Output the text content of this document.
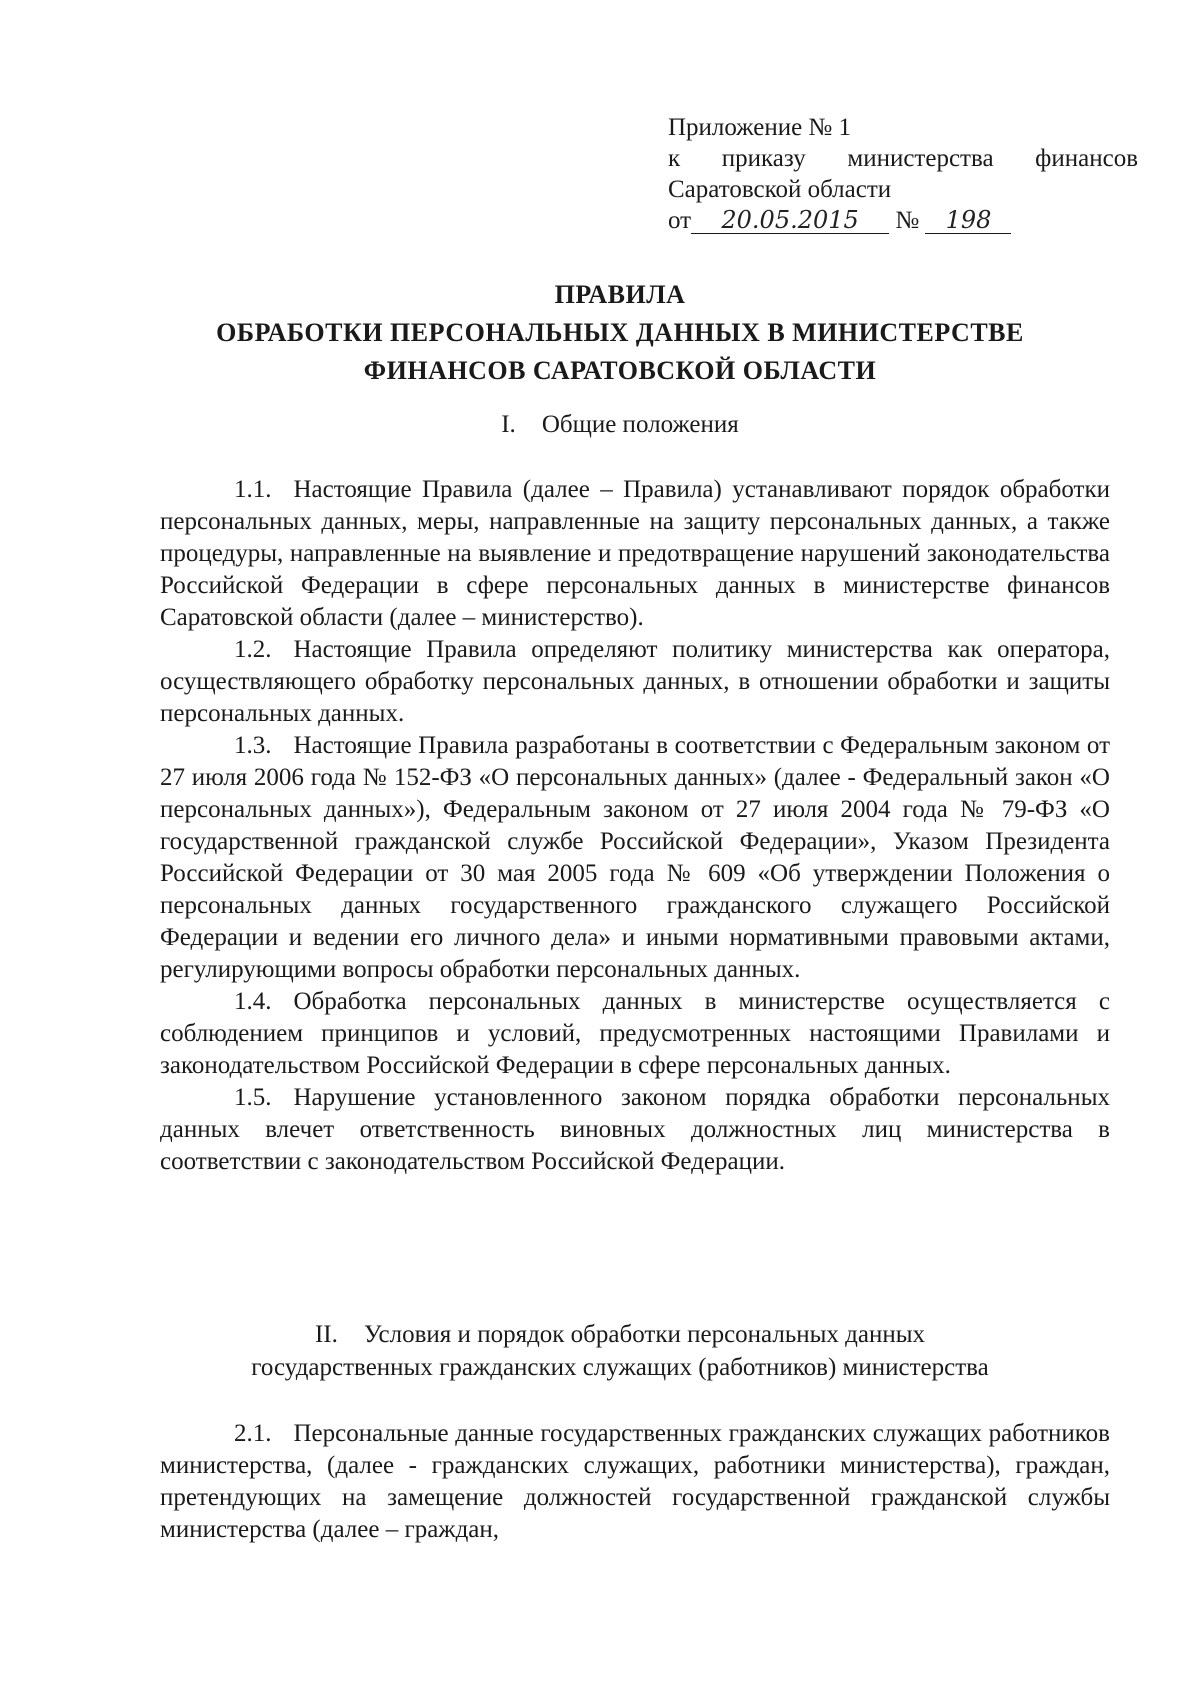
Приложение № 1
к приказу министерства финансов
Саратовской области
от 20.05.2015 № 198
ПРАВИЛА
ОБРАБОТКИ ПЕРСОНАЛЬНЫХ ДАННЫХ В МИНИСТЕРСТВЕ
ФИНАНСОВ САРАТОВСКОЙ ОБЛАСТИ
I. Общие положения

1.1. Настоящие Правила (далее – Правила) устанавливают порядок обработки персональных данных, меры, направленные на защиту персональных данных, а также процедуры, направленные на выявление и предотвращение нарушений законодательства Российской Федерации в сфере персональных данных в министерстве финансов Саратовской области (далее – министерство).

1.2. Настоящие Правила определяют политику министерства как оператора, осуществляющего обработку персональных данных, в отношении обработки и защиты персональных данных.

1.3. Настоящие Правила разработаны в соответствии с Федеральным законом от 27 июля 2006 года № 152-ФЗ «О персональных данных» (далее - Федеральный закон «О персональных данных»), Федеральным законом от 27 июля 2004 года № 79-ФЗ «О государственной гражданской службе Российской Федерации», Указом Президента Российской Федерации от 30 мая 2005 года № 609 «Об утверждении Положения о персональных данных государственного гражданского служащего Российской Федерации и ведении его личного дела» и иными нормативными правовыми актами, регулирующими вопросы обработки персональных данных.

1.4. Обработка персональных данных в министерстве осуществляется с соблюдением принципов и условий, предусмотренных настоящими Правилами и законодательством Российской Федерации в сфере персональных данных.

1.5. Нарушение установленного законом порядка обработки персональных данных влечет ответственность виновных должностных лиц министерства в соответствии с законодательством Российской Федерации.

II. Условия и порядок обработки персональных данных
государственных гражданских служащих (работников) министерства

2.1. Персональные данные государственных гражданских служащих работников министерства, (далее - гражданских служащих, работники министерства), граждан, претендующих на замещение должностей государственной гражданской службы министерства (далее – граждан,
